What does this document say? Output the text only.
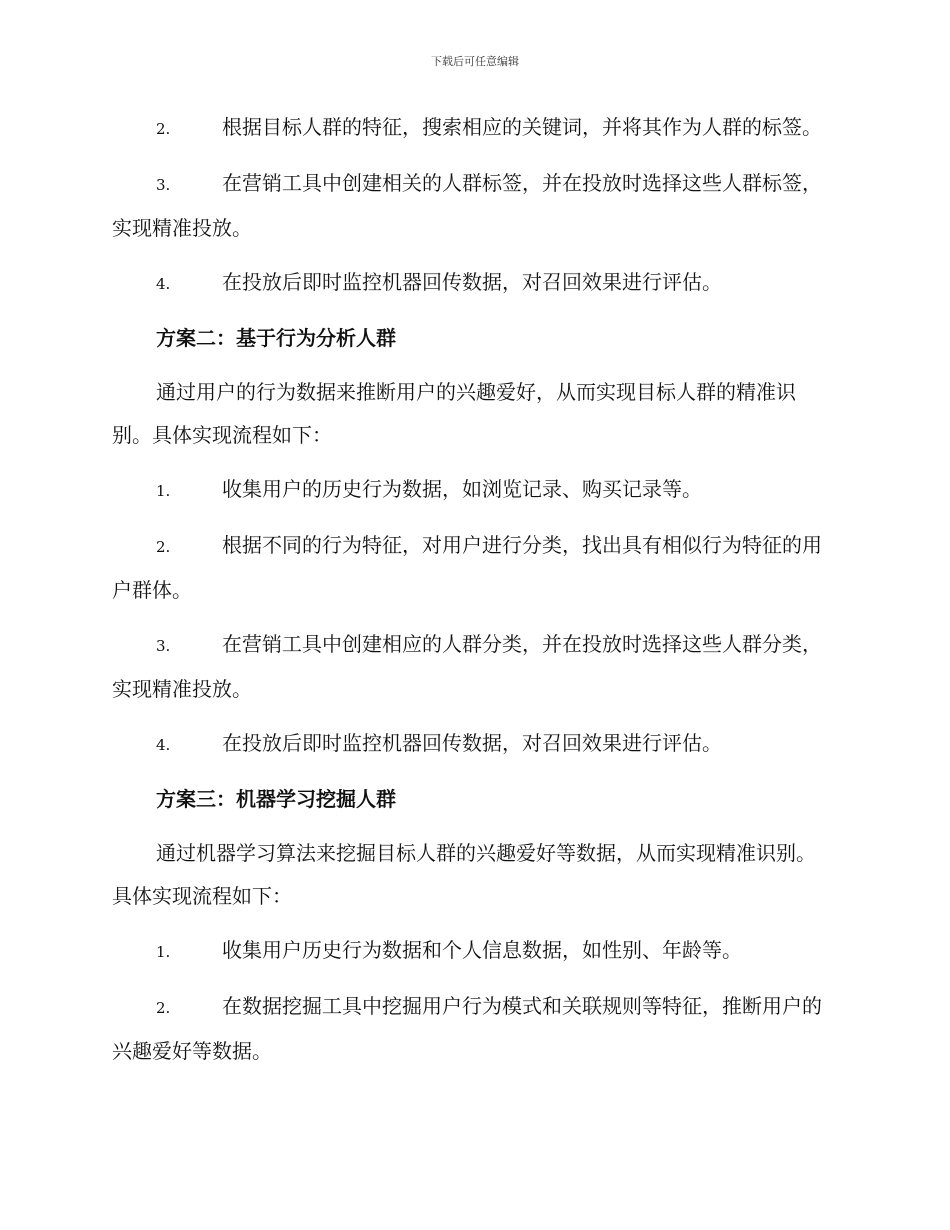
下载后可任意编辑

2.	根据目标人群的特征，搜索相应的关键词，并将其作为人群的标签。

3.	在营销工具中创建相关的人群标签，并在投放时选择这些人群标签，实现精准投放。

4.	在投放后即时监控机器回传数据，对召回效果进行评估。

方案二：基于行为分析人群

通过用户的行为数据来推断用户的兴趣爱好，从而实现目标人群的精准识别。具体实现流程如下：

1.	收集用户的历史行为数据，如浏览记录、购买记录等。

2.	根据不同的行为特征，对用户进行分类，找出具有相似行为特征的用户群体。

3.	在营销工具中创建相应的人群分类，并在投放时选择这些人群分类，实现精准投放。

4.	在投放后即时监控机器回传数据，对召回效果进行评估。

方案三：机器学习挖掘人群

通过机器学习算法来挖掘目标人群的兴趣爱好等数据，从而实现精准识别。具体实现流程如下：

1.	收集用户历史行为数据和个人信息数据，如性别、年龄等。

2.	在数据挖掘工具中挖掘用户行为模式和关联规则等特征，推断用户的兴趣爱好等数据。
